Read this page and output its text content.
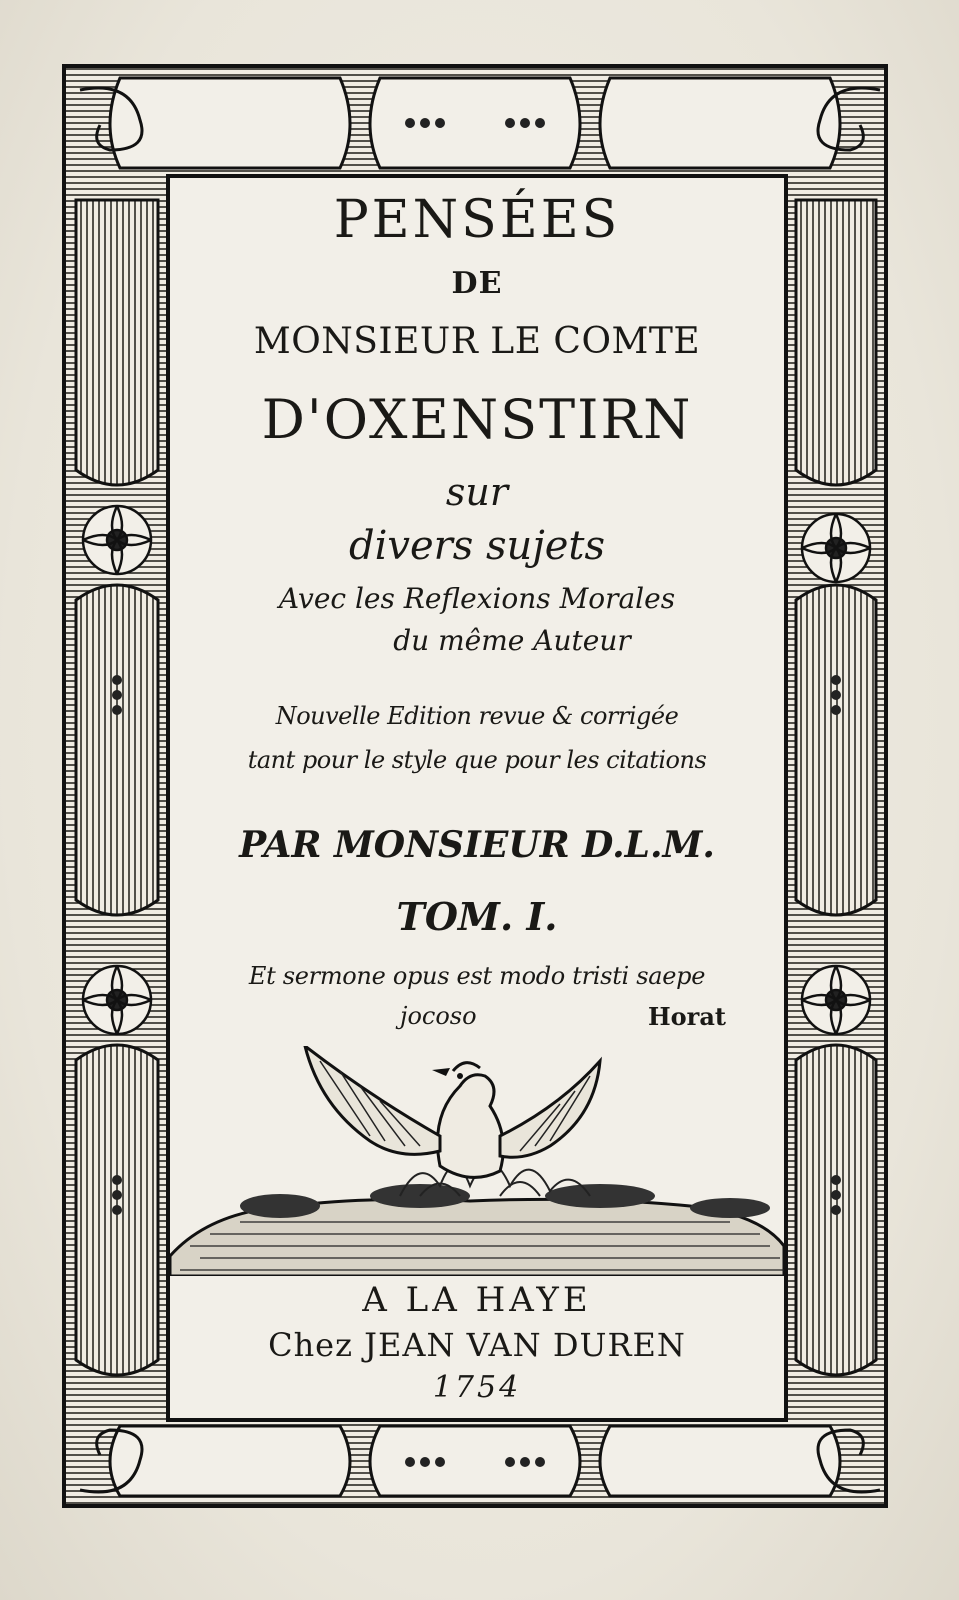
PENSÉES
DE
MONSIEUR LE COMTE
D'OXENSTIRN
sur
divers sujets
Avec les Reflexions Morales
du même Auteur
Nouvelle Edition revue & corrigée
tant pour le style que pour les citations
PAR MONSIEUR D.L.M.
TOM. I.
Et sermone opus est modo tristi saepe
jocoso	Horat
A LA HAYE
Chez JEAN VAN DUREN
1754
